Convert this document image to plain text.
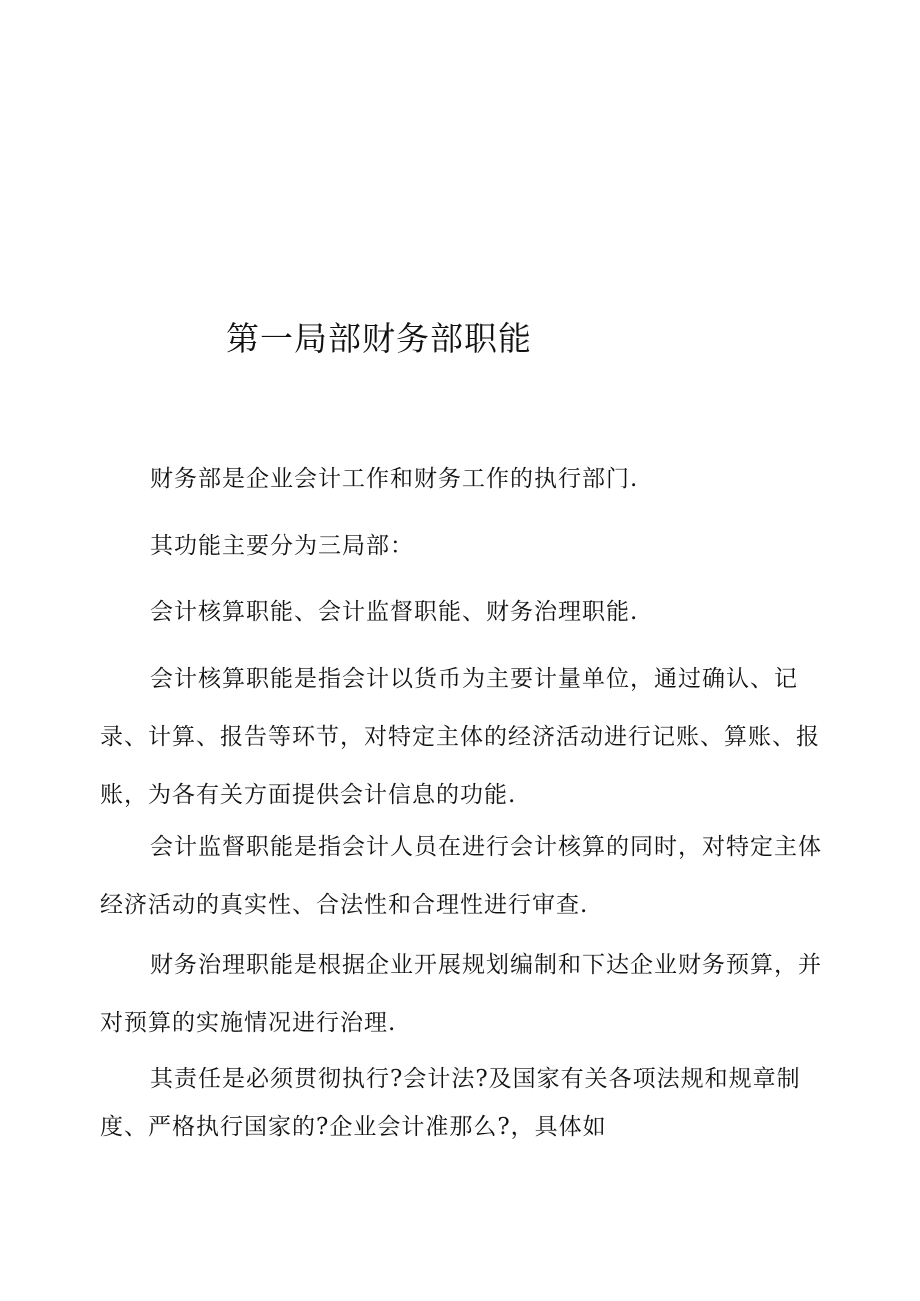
第一局部财务部职能

财务部是企业会计工作和财务工作的执行部门.

其功能主要分为三局部：

会计核算职能、会计监督职能、财务治理职能.

会计核算职能是指会计以货币为主要计量单位，通过确认、记录、计算、报告等环节，对特定主体的经济活动进行记账、算账、报账，为各有关方面提供会计信息的功能.

会计监督职能是指会计人员在进行会计核算的同时，对特定主体经济活动的真实性、合法性和合理性进行审查.

财务治理职能是根据企业开展规划编制和下达企业财务预算，并对预算的实施情况进行治理.

其责任是必须贯彻执行?会计法?及国家有关各项法规和规章制度、严格执行国家的?企业会计准那么?，具体如
